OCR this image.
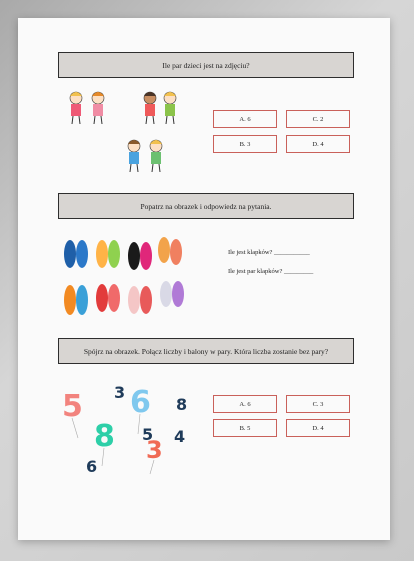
Ile par dzieci jest na zdjęciu?
A. 6	C. 2
B. 3	D. 4
Popatrz na obrazek i odpowiedz na pytania.
Ile jest klapków? ___________
Ile jest par klapków? _________
Spójrz na obrazek. Połącz liczby i balony w pary. Która liczba zostanie bez pary?
5
8
6
3
3
8
5 4
6
A. 6	C. 3
B. 5	D. 4
